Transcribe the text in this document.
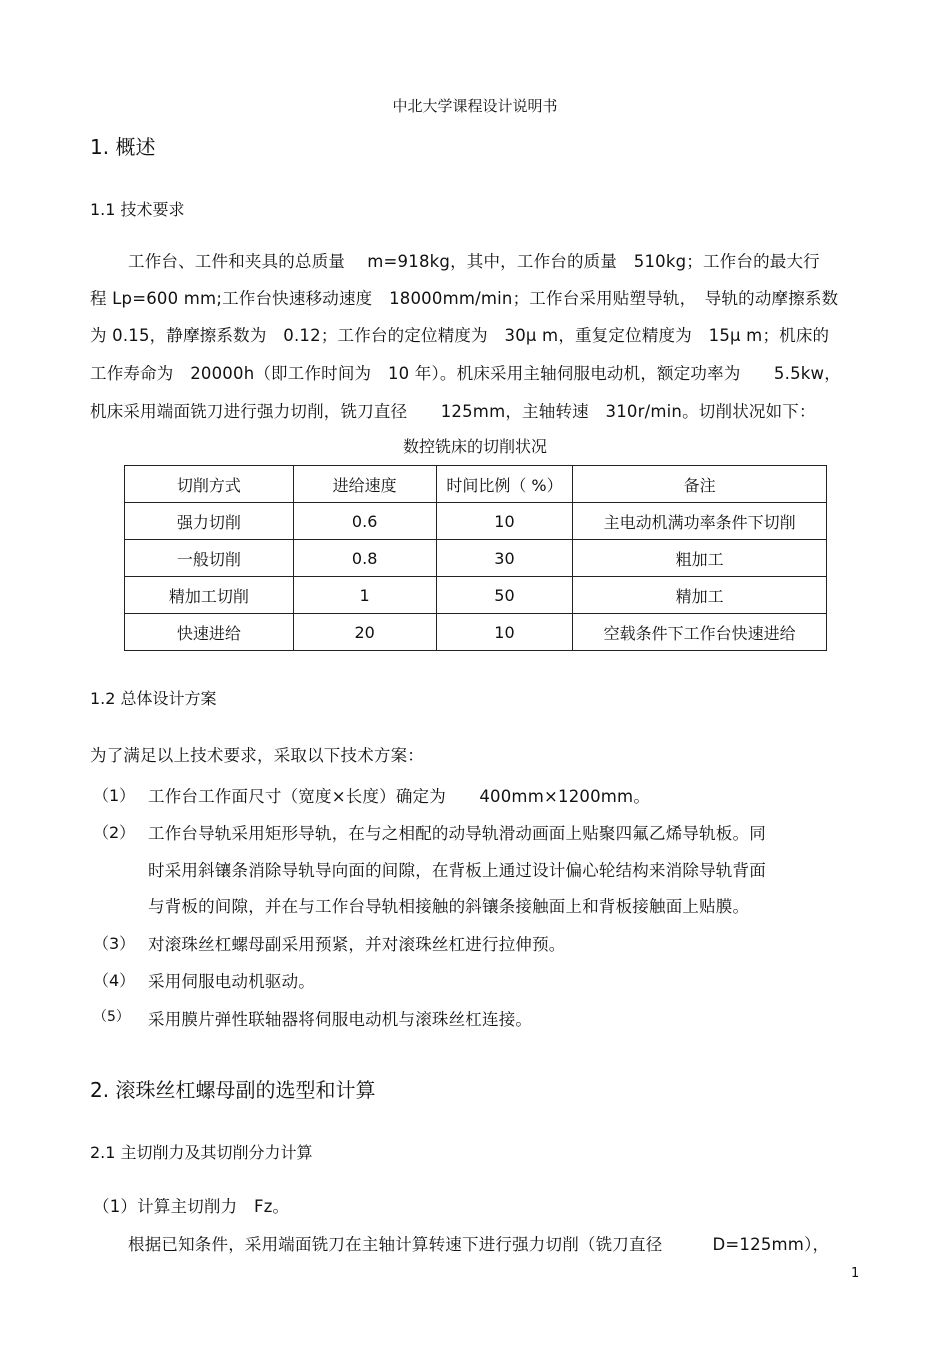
中北大学课程设计说明书
1. 概述
1.1 技术要求
工作台、工件和夹具的总质量　 m=918kg，其中，工作台的质量　510kg；工作台的最大行
程 Lp=600 mm;工作台快速移动速度　18000mm/min；工作台采用贴塑导轨，　导轨的动摩擦系数
为 0.15，静摩擦系数为　0.12；工作台的定位精度为　30μ m，重复定位精度为　15μ m；机床的
工作寿命为　20000h（即工作时间为　10 年）。机床采用主轴伺服电动机，额定功率为　　5.5kw，
机床采用端面铣刀进行强力切削，铣刀直径　　125mm，主轴转速　310r/min。切削状况如下：
数控铣床的切削状况
切削方式	进给速度	时间比例（ %）	备注
强力切削	0.6	10	主电动机满功率条件下切削
一般切削	0.8	30	粗加工
精加工切削	1	50	精加工
快速进给	20	10	空载条件下工作台快速进给
1.2 总体设计方案
为了满足以上技术要求，采取以下技术方案：
（1） 工作台工作面尺寸（宽度×长度）确定为　　400mm×1200mm。
（2） 工作台导轨采用矩形导轨，在与之相配的动导轨滑动画面上贴聚四氟乙烯导轨板。同
时采用斜镶条消除导轨导向面的间隙，在背板上通过设计偏心轮结构来消除导轨背面
与背板的间隙，并在与工作台导轨相接触的斜镶条接触面上和背板接触面上贴膜。
（3） 对滚珠丝杠螺母副采用预紧，并对滚珠丝杠进行拉伸预。
（4） 采用伺服电动机驱动。
（5） 采用膜片弹性联轴器将伺服电动机与滚珠丝杠连接。
2. 滚珠丝杠螺母副的选型和计算
2.1 主切削力及其切削分力计算
（1）计算主切削力　Fz。
根据已知条件，采用端面铣刀在主轴计算转速下进行强力切削（铣刀直径　　　D=125mm），
1
